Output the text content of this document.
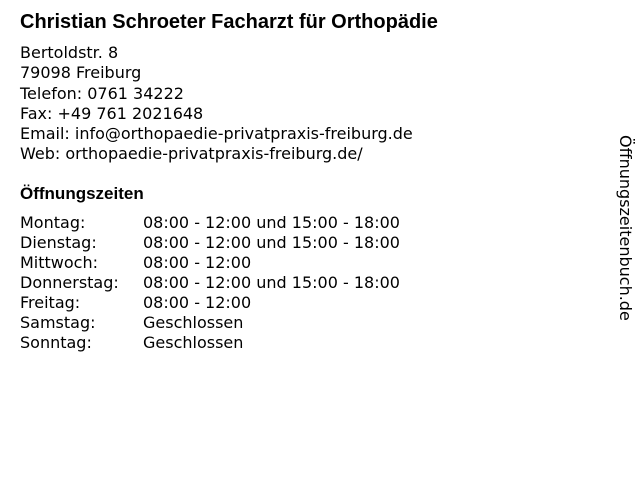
Christian Schroeter Facharzt für Orthopädie
Bertoldstr. 8
79098 Freiburg
Telefon: 0761 34222
Fax: +49 761 2021648
Email: info@orthopaedie-privatpraxis-freiburg.de
Web: orthopaedie-privatpraxis-freiburg.de/
Öffnungszeiten
Montag:	08:00 - 12:00 und 15:00 - 18:00
Dienstag:	08:00 - 12:00 und 15:00 - 18:00
Mittwoch:	08:00 - 12:00
Donnerstag:	08:00 - 12:00 und 15:00 - 18:00
Freitag:	08:00 - 12:00
Samstag:	Geschlossen
Sonntag:	Geschlossen
Öffnungszeitenbuch.de
